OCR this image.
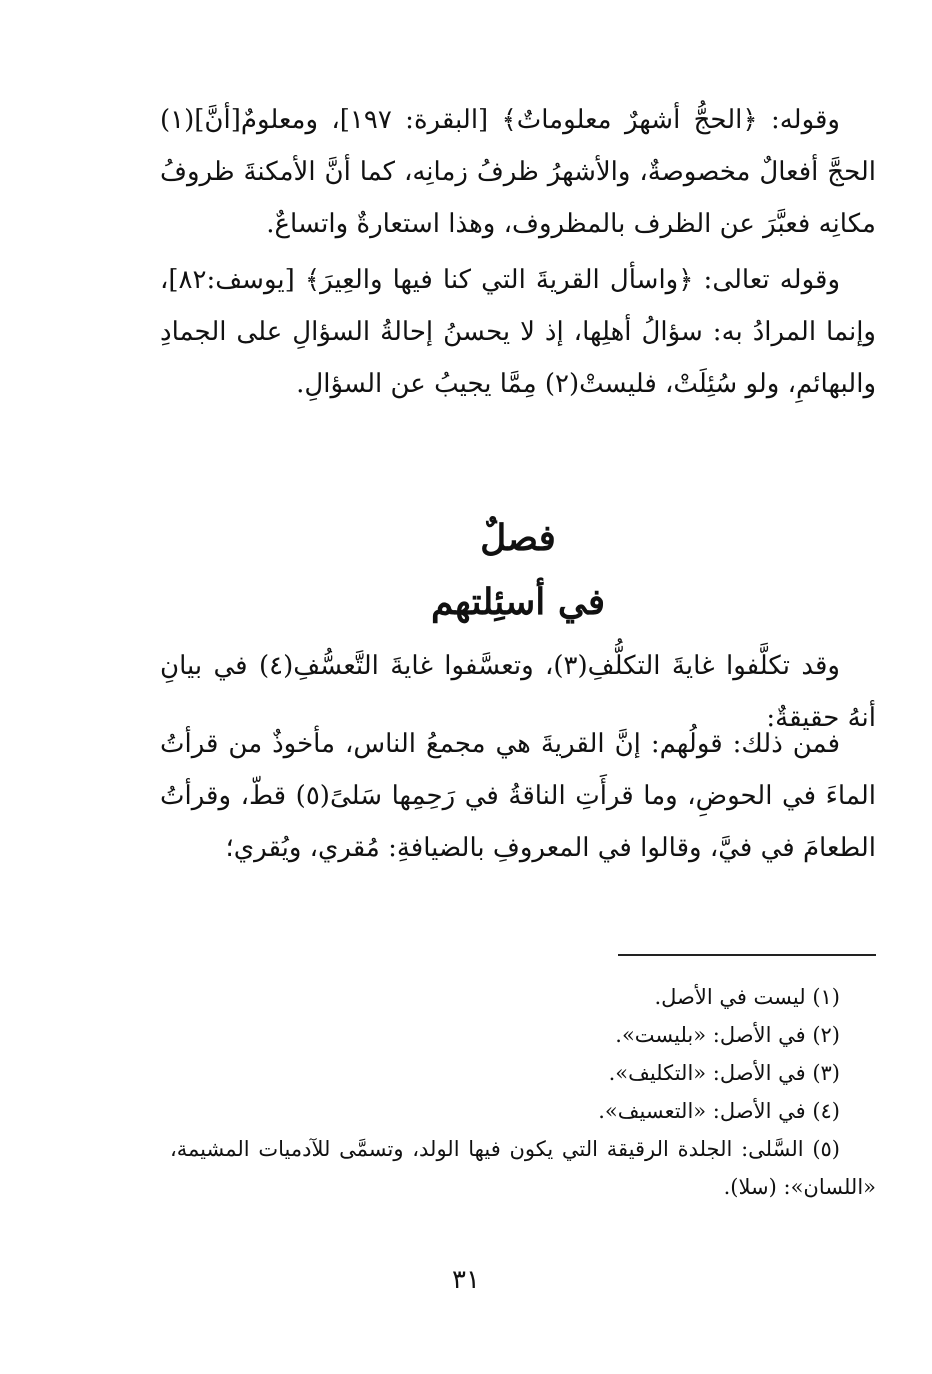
وقوله: ﴿الحجُّ أشهرٌ معلوماتٌ﴾ [البقرة: ١٩٧]، ومعلومٌ[أنَّ](١) الحجَّ أفعالٌ مخصوصةٌ، والأشهرُ ظرفُ زمانِه، كما أنَّ الأمكنةَ ظروفُ مكانِه فعبَّرَ عن الظرف بالمظروف، وهذا استعارةٌ واتساعٌ.

وقوله تعالى: ﴿واسأل القريةَ التي كنا فيها والعِيرَ﴾ [يوسف:٨٢]، وإنما المرادُ به: سؤالُ أهلِها، إذ لا يحسنُ إحالةُ السؤالِ على الجمادِ والبهائمِ، ولو سُئِلَتْ، فليستْ(٢) مِمَّا يجيبُ عن السؤالِ.

فصلٌ
في أسئِلتهم

وقد تكلَّفوا غايةَ التكلُّفِ(٣)، وتعسَّفوا غايةَ التَّعسُّفِ(٤) في بيانِ أنهُ حقيقةٌ:

فمن ذلك: قولُهم: إنَّ القريةَ هي مجمعُ الناس، مأخوذٌ من قرأتُ الماءَ في الحوضِ، وما قرأَتِ الناقةُ في رَحِمِها سَلىً(٥) قطّ، وقرأتُ الطعامَ في فيَّ، وقالوا في المعروفِ بالضيافةِ: مُقري، ويُقري؛

(١) ليست في الأصل.
(٢) في الأصل: «بليست».
(٣) في الأصل: «التكليف».
(٤) في الأصل: «التعسيف».
(٥) السَّلى: الجلدة الرقيقة التي يكون فيها الولد، وتسمَّى للآدميات المشيمة، «اللسان»: (سلا).
٣١
